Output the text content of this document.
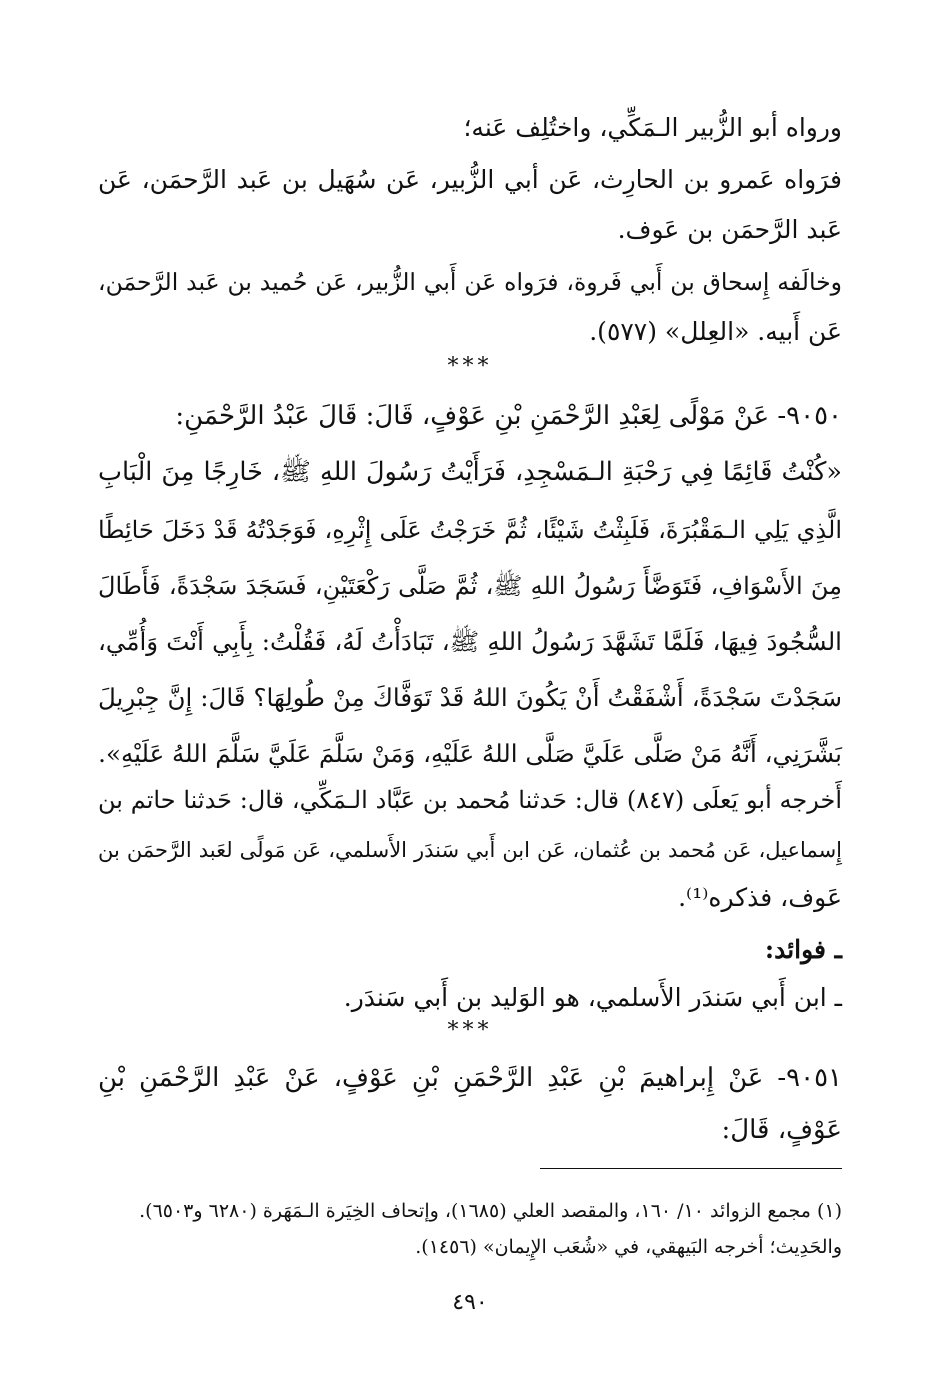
ورواه أبو الزُّبير الـمَكِّي، واختُلِف عَنه؛
فرَواه عَمرو بن الحارِث، عَن أبي الزُّبير، عَن سُهَيل بن عَبد الرَّحمَن، عَن
عَبد الرَّحمَن بن عَوف.
وخالَفه إِسحاق بن أَبي فَروة، فرَواه عَن أَبي الزُّبير، عَن حُميد بن عَبد الرَّحمَن،
عَن أَبيه. «العِلل» (٥٧٧).
***
٩٠٥٠- عَنْ مَوْلًى لِعَبْدِ الرَّحْمَنِ بْنِ عَوْفٍ، قَالَ: قَالَ عَبْدُ الرَّحْمَنِ:
«كُنْتُ قَائِمًا فِي رَحْبَةِ الـمَسْجِدِ، فَرَأَيْتُ رَسُولَ اللهِ ﷺ، خَارِجًا مِنَ الْبَابِ
الَّذِي يَلِي الـمَقْبُرَةَ، فَلَبِثْتُ شَيْئًا، ثُمَّ خَرَجْتُ عَلَى إِثْرِهِ، فَوَجَدْتُهُ قَدْ دَخَلَ حَائِطًا
مِنَ الأَسْوَافِ، فَتَوَضَّأَ رَسُولُ اللهِ ﷺ، ثُمَّ صَلَّى رَكْعَتَيْنِ، فَسَجَدَ سَجْدَةً، فَأَطَالَ
السُّجُودَ فِيهَا، فَلَمَّا تَشَهَّدَ رَسُولُ اللهِ ﷺ، تَبَادَأْتُ لَهُ، فَقُلْتُ: بِأَبِي أَنْتَ وَأُمِّي،
سَجَدْتَ سَجْدَةً، أَشْفَقْتُ أَنْ يَكُونَ اللهُ قَدْ تَوَفَّاكَ مِنْ طُولِهَا؟ قَالَ: إِنَّ جِبْرِيلَ
بَشَّرَنِي، أَنَّهُ مَنْ صَلَّى عَلَيَّ صَلَّى اللهُ عَلَيْهِ، وَمَنْ سَلَّمَ عَلَيَّ سَلَّمَ اللهُ عَلَيْهِ».
أَخرجه أبو يَعلَى (٨٤٧) قال: حَدثنا مُحمد بن عَبَّاد الـمَكِّي، قال: حَدثنا حاتم بن
إِسماعيل، عَن مُحمد بن عُثمان، عَن ابن أَبي سَندَر الأَسلمي، عَن مَولًى لعَبد الرَّحمَن بن
عَوف، فذكره⁽¹⁾.
ـ فوائد:
ـ ابن أَبي سَندَر الأَسلمي، هو الوَليد بن أَبي سَندَر.
***
٩٠٥١- عَنْ إِبراهيمَ بْنِ عَبْدِ الرَّحْمَنِ بْنِ عَوْفٍ، عَنْ عَبْدِ الرَّحْمَنِ بْنِ
عَوْفٍ، قَالَ:
(١) مجمع الزوائد ١٠/ ١٦٠، والمقصد العلي (١٦٨٥)، وإتحاف الخِيَرة الـمَهَرة (٦٢٨٠ و٦٥٠٣).
والحَدِيث؛ أخرجه البَيهقي، في «شُعَب الإِيمان» (١٤٥٦).
٤٩٠
